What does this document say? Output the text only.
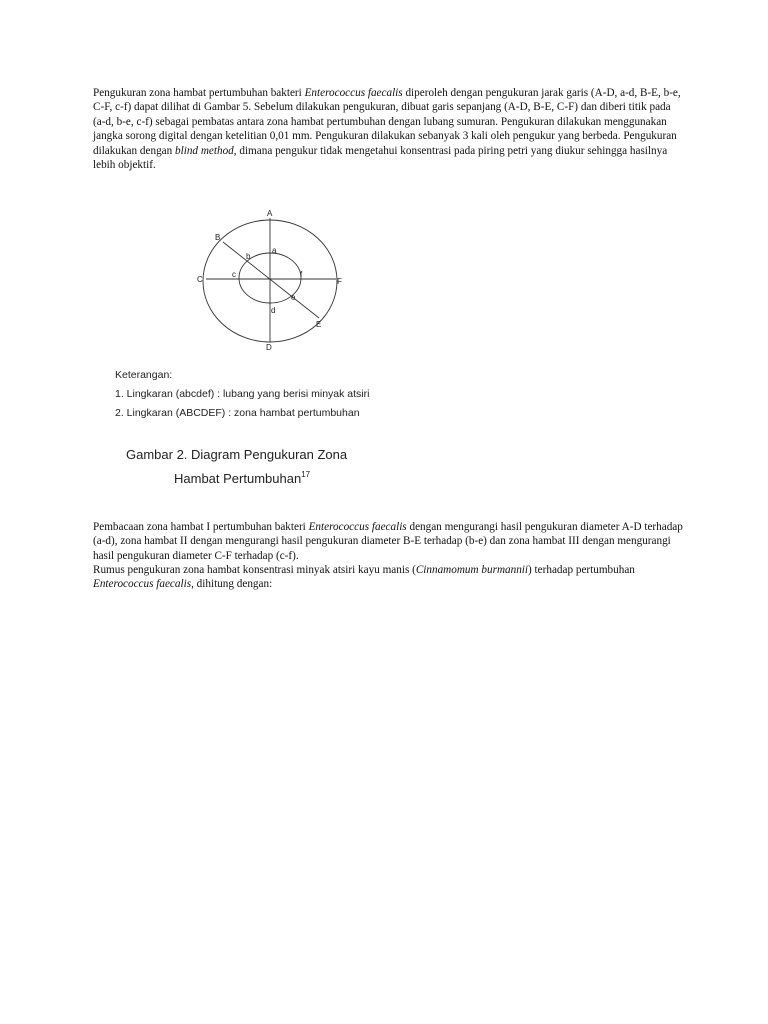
Pengukuran zona hambat pertumbuhan bakteri Enterococcus faecalis diperoleh dengan pengukuran jarak garis (A-D, a-d, B-E, b-e, C-F, c-f) dapat dilihat di Gambar 5. Sebelum dilakukan pengukuran, dibuat garis sepanjang (A-D, B-E, C-F) dan diberi titik pada (a-d, b-e, c-f) sebagai pembatas antara zona hambat pertumbuhan dengan lubang sumuran. Pengukuran dilakukan menggunakan jangka sorong digital dengan ketelitian 0,01 mm. Pengukuran dilakukan sebanyak 3 kali oleh pengukur yang berbeda. Pengukuran dilakukan dengan blind method, dimana pengukur tidak mengetahui konsentrasi pada piring petri yang diukur sehingga hasilnya lebih objektif.

A
B
C
D
E
F
a
b
c
d
e
f
Keterangan:
1. Lingkaran (abcdef) : lubang yang berisi minyak atsiri
2. Lingkaran (ABCDEF) : zona hambat pertumbuhan
Gambar 2. Diagram Pengukuran Zona
Hambat Pertumbuhan$^{17}$

Pembacaan zona hambat I pertumbuhan bakteri Enterococcus faecalis dengan mengurangi hasil pengukuran diameter A-D terhadap (a-d), zona hambat II dengan mengurangi hasil pengukuran diameter B-E terhadap (b-e) dan zona hambat III dengan mengurangi hasil pengukuran diameter C-F terhadap (c-f).

Rumus pengukuran zona hambat konsentrasi minyak atsiri kayu manis (Cinnamomum burmannii) terhadap pertumbuhan Enterococcus faecalis, dihitung dengan:
